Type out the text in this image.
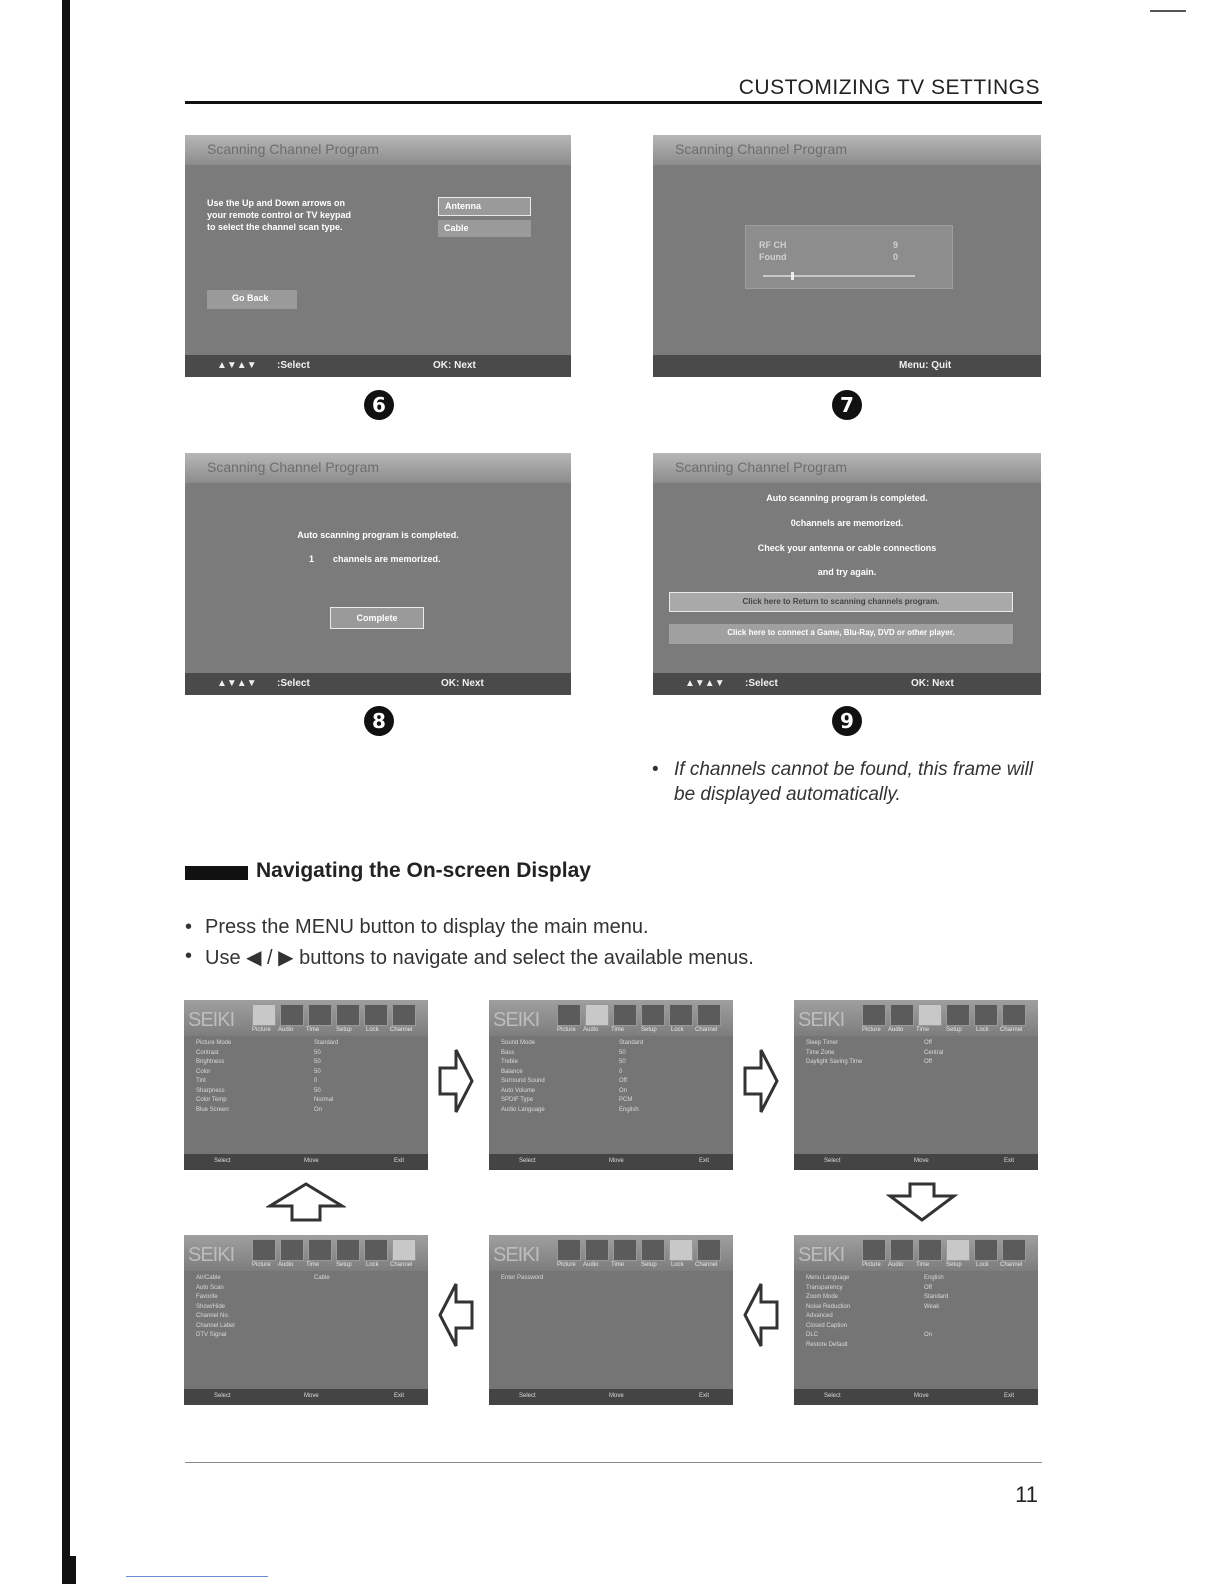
CUSTOMIZING TV SETTINGS
Scanning Channel Program
Use the Up and Down arrows on
your remote control or TV keypad
to select the channel scan type.
Antenna
Cable
Go Back
▲▼▲▼ :Select	OK: Next
6
Scanning Channel Program
RF CH	9
Found	0
Menu: Quit
7
Scanning Channel Program
Auto scanning program is completed.
1 channels are memorized.
Complete
▲▼▲▼ :Select	OK: Next
8
Scanning Channel Program
Auto scanning program is completed.
0channels are memorized.
Check your antenna or cable connections
and try again.
Click here to Return to scanning channels program.
Click here to connect a Game, Blu-Ray, DVD or other player.
▲▼▲▼ :Select	OK: Next
9
• If channels cannot be found, this frame will be displayed automatically.
Navigating the On-screen Display
• Press the MENU button to display the main menu.
• Use ◀ / ▶ buttons to navigate and select the available menus.
SEIKI	Picture Audio Time	Setup Lock Channel
Picture Mode	Standard
Contrast	50
Brightness	50
Color	50
Tint	0
Sharpness	50
Color Temp	Normal
Blue Screen	On
Select	Move	Exit
SEIKI	Picture Audio Time	Setup Lock Channel
Sound Mode	Standard
Bass	50
Treble	50
Balance	0
Surround Sound	Off
Auto Volume	On
SPDIF Type	PCM
Audio Language	English
Select	Move	Exit
SEIKI	Picture Audio Time	Setup Lock Channel
Sleep Timer	Off
Time Zone	Central
Daylight Saving Time	Off
Select	Move	Exit
SEIKI	Picture Audio Time	Setup Lock Channel
Air/Cable	Cable
Auto Scan
Favorite
Show/Hide
Channel No.
Channel Label
DTV Signal
Select	Move	Exit
SEIKI	Picture Audio Time	Setup Lock Channel
Enter Password
Select	Move	Exit
SEIKI	Picture Audio Time	Setup Lock Channel
Menu Language	English
Transparency	Off
Zoom Mode	Standard
Noise Reduction	Weak
Advanced
Closed Caption
DLC	On
Restore Default
Select	Move	Exit
11
